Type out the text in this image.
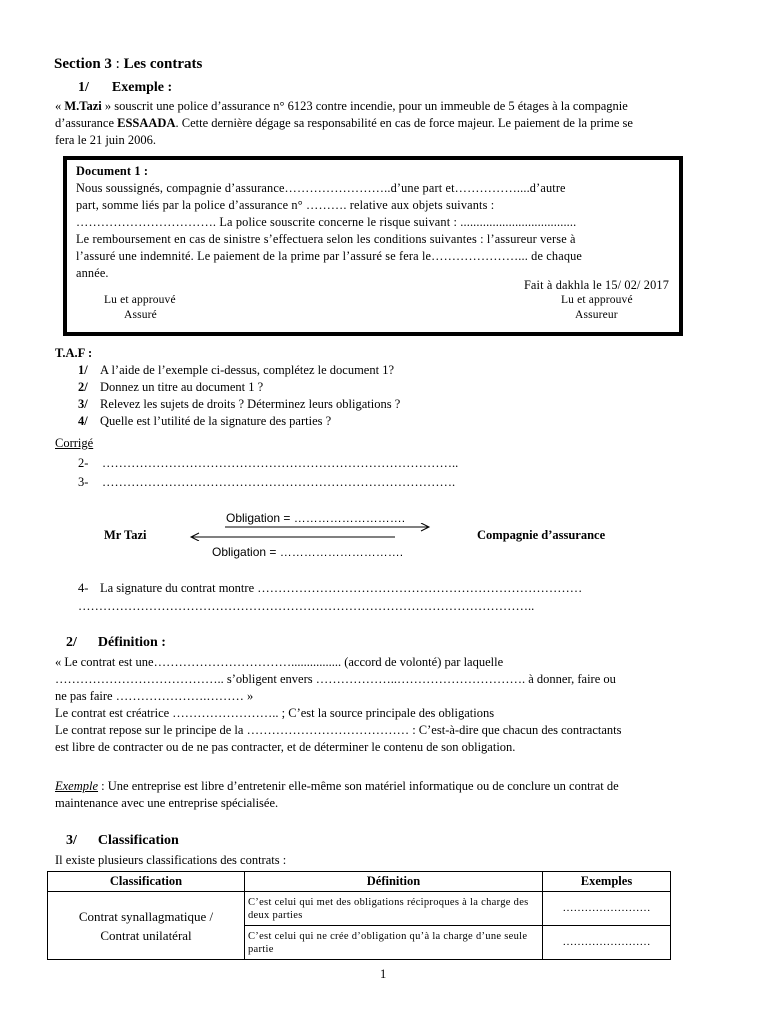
Section 3 : Les contrats
1/ Exemple :
« M.Tazi » souscrit une police d’assurance n° 6123 contre incendie, pour un immeuble de 5 étages à la compagnie
d’assurance ESSAADA. Cette dernière dégage sa responsabilité en cas de force majeur. Le paiement de la prime se
fera le 21 juin 2006.
Document 1 :
Nous soussignés, compagnie d’assurance……………………..d’une part et……………....d’autre
part, somme liés par la police d’assurance n° ………. relative aux objets suivants :
……………………………. La police souscrite concerne le risque suivant : ....................................
Le remboursement en cas de sinistre s’effectuera selon les conditions suivantes : l’assureur verse à
l’assuré une indemnité. Le paiement de la prime par l’assuré se fera le…………………... de chaque
année.
Fait à dakhla le 15/ 02/ 2017
Lu et approuvé
Assuré
Lu et approuvé
Assureur
T.A.F :
1/ A l’aide de l’exemple ci-dessus, complétez le document 1?
2/ Donnez un titre au document 1 ?
3/ Relevez les sujets de droits ? Déterminez leurs obligations ?
4/ Quelle est l’utilité de la signature des parties ?
Corrigé
2- …………………………………………………………………………..
3- ………………………………………………………………………….
Obligation = ……………………….
Mr Tazi	Compagnie d’assurance
Obligation = ………………………….
4- La signature du contrat montre ……………………………………………………………………
………………………………………………………………………………………………..
2/ Définition :
« Le contrat est une……………………………................ (accord de volonté) par laquelle
………………………………….. s’obligent envers ………………..…………………………. à donner, faire ou
ne pas faire ………………….……… »
Le contrat est créatrice …………………….. ; C’est la source principale des obligations
Le contrat repose sur le principe de la ………………………………… : C’est-à-dire que chacun des contractants
est libre de contracter ou de ne pas contracter, et de déterminer le contenu de son obligation.
Exemple : Une entreprise est libre d’entretenir elle-même son matériel informatique ou de conclure un contrat de
maintenance avec une entreprise spécialisée.
3/ Classification
Il existe plusieurs classifications des contrats :
Classification	Définition	Exemples

Contrat synallagmatique /
Contrat unilatéral	C’est celui qui met des obligations réciproques à la charge des deux parties	……………………
	C’est celui qui ne crée d’obligation qu’à la charge d’une seule partie	……………………
1
